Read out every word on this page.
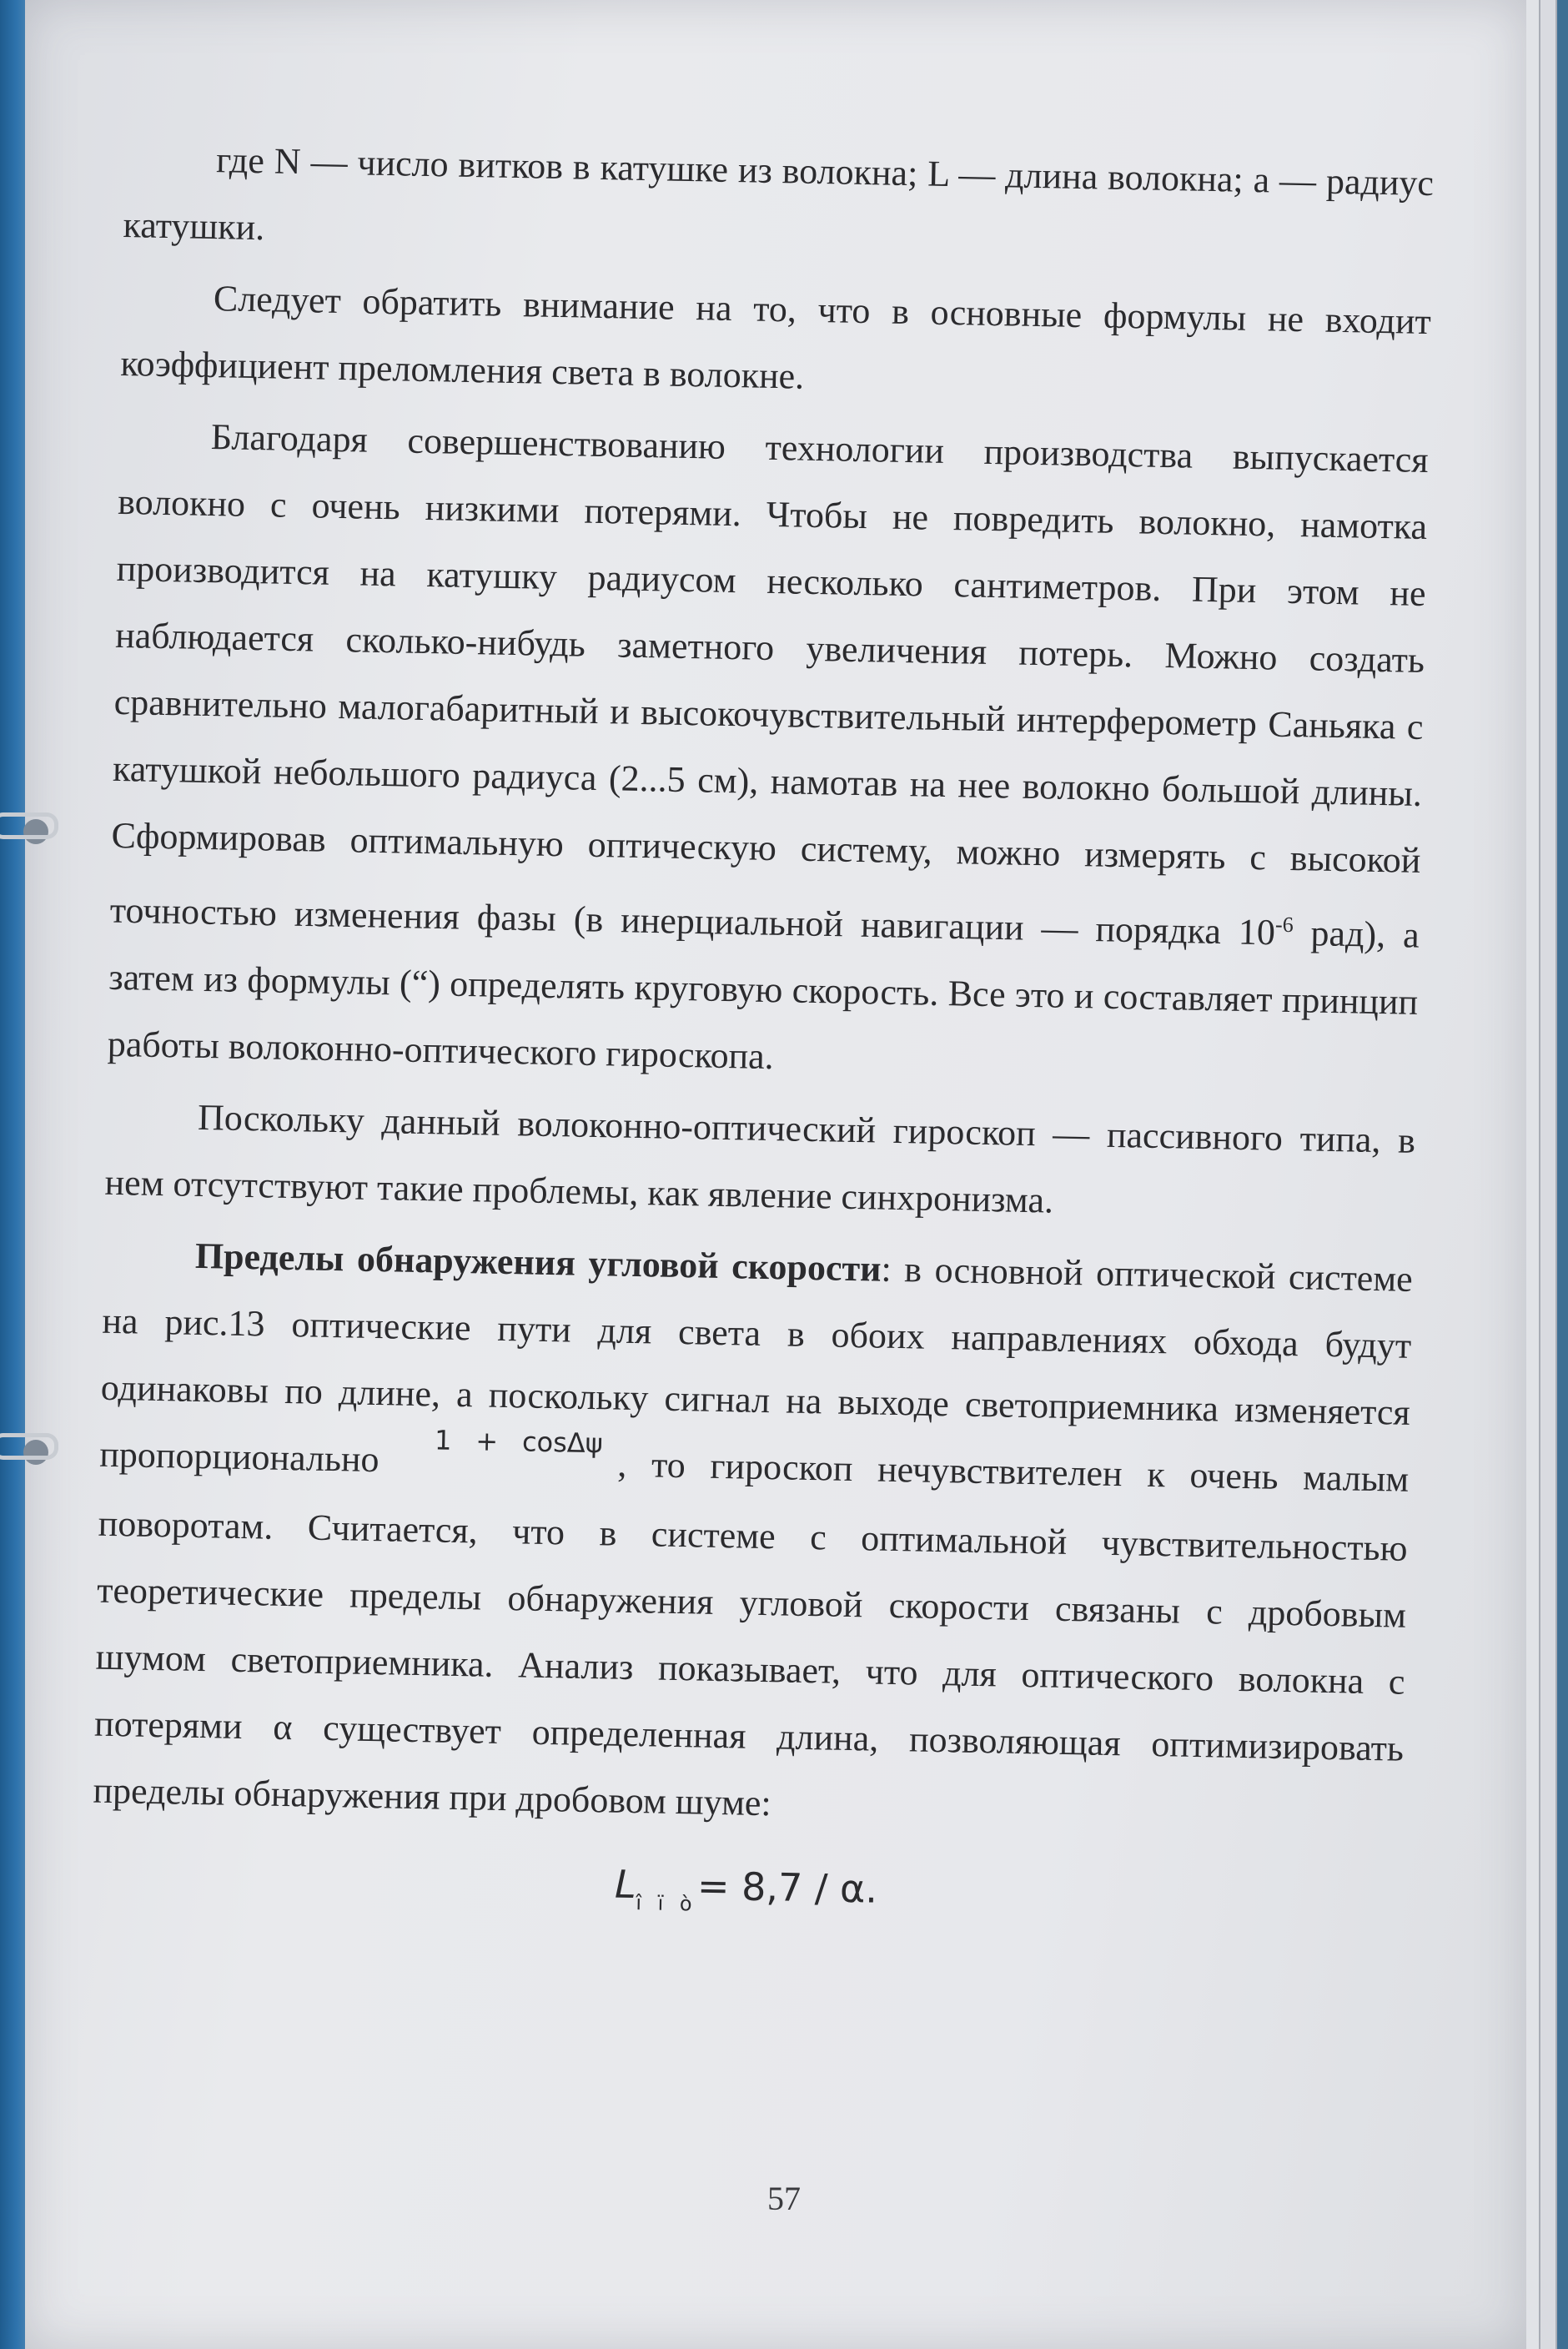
где N — число витков в катушке из волокна; L — длина волокна; a — радиус катушки.

Следует обратить внимание на то, что в основные формулы не входит коэффициент преломления света в волокне.

Благодаря совершенствованию технологии производства выпускается волокно с очень низкими потерями. Чтобы не повредить волокно, намотка производится на катушку радиусом несколько сантиметров. При этом не наблюдается сколько-нибудь заметного увеличения потерь. Можно создать сравнительно малогабаритный и высокочувствительный интерферометр Саньяка с катушкой небольшого радиуса (2...5 см), намотав на нее волокно большой длины. Сформировав оптимальную оптическую систему, можно измерять с высокой точностью изменения фазы (в инерциальной навигации — порядка $10^{-6}$ рад), а затем из формулы (“) определять круговую скорость. Все это и составляет принцип работы волоконно-оптического гироскопа.

Поскольку данный волоконно-оптический гироскоп — пассивного типа, в нем отсутствуют такие проблемы, как явление синхронизма.

Пределы обнаружения угловой скорости: в основной оптической системе на рис.13 оптические пути для света в обоих направлениях обхода будут одинаковы по длине, а поскольку сигнал на выходе светоприемника изменяется пропорционально $^{1 + cos\Delta\psi}$, то гироскоп нечувствителен к очень малым поворотам. Считается, что в системе с оптимальной чувствительностью теоретические пределы обнаружения угловой скорости связаны с дробовым шумом светоприемника. Анализ показывает, что для оптического волокна с потерями α существует определенная длина, позволяющая оптимизировать пределы обнаружения при дробовом шуме:

$L_{î ï ò}= 8,7 / \alpha$.
57
